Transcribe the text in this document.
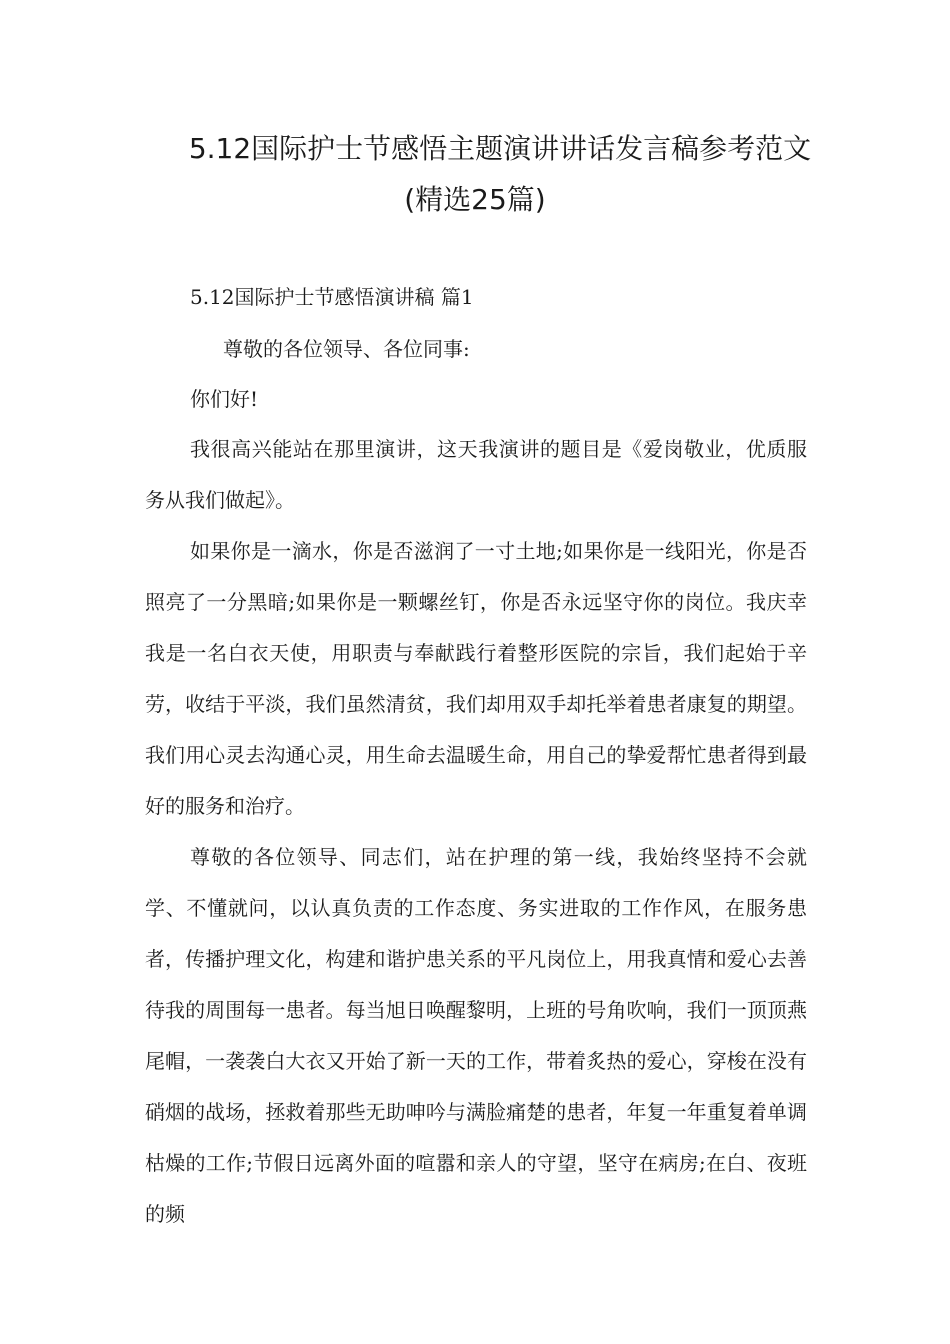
5.12国际护士节感悟主题演讲讲话发言稿参考范文
(精选25篇)

5.12国际护士节感悟演讲稿 篇1

尊敬的各位领导、各位同事:

你们好!

我很高兴能站在那里演讲，这天我演讲的题目是《爱岗敬业，优质服务从我们做起》。

如果你是一滴水，你是否滋润了一寸土地;如果你是一线阳光，你是否照亮了一分黑暗;如果你是一颗螺丝钉，你是否永远坚守你的岗位。我庆幸我是一名白衣天使，用职责与奉献践行着整形医院的宗旨，我们起始于辛劳，收结于平淡，我们虽然清贫，我们却用双手却托举着患者康复的期望。我们用心灵去沟通心灵，用生命去温暖生命，用自己的挚爱帮忙患者得到最好的服务和治疗。

尊敬的各位领导、同志们，站在护理的第一线，我始终坚持不会就学、不懂就问，以认真负责的工作态度、务实进取的工作作风，在服务患者，传播护理文化，构建和谐护患关系的平凡岗位上，用我真情和爱心去善待我的周围每一患者。每当旭日唤醒黎明，上班的号角吹响，我们一顶顶燕尾帽，一袭袭白大衣又开始了新一天的工作，带着炙热的爱心，穿梭在没有硝烟的战场，拯救着那些无助呻吟与满脸痛楚的患者，年复一年重复着单调枯燥的工作;节假日远离外面的喧嚣和亲人的守望，坚守在病房;在白、夜班的频
